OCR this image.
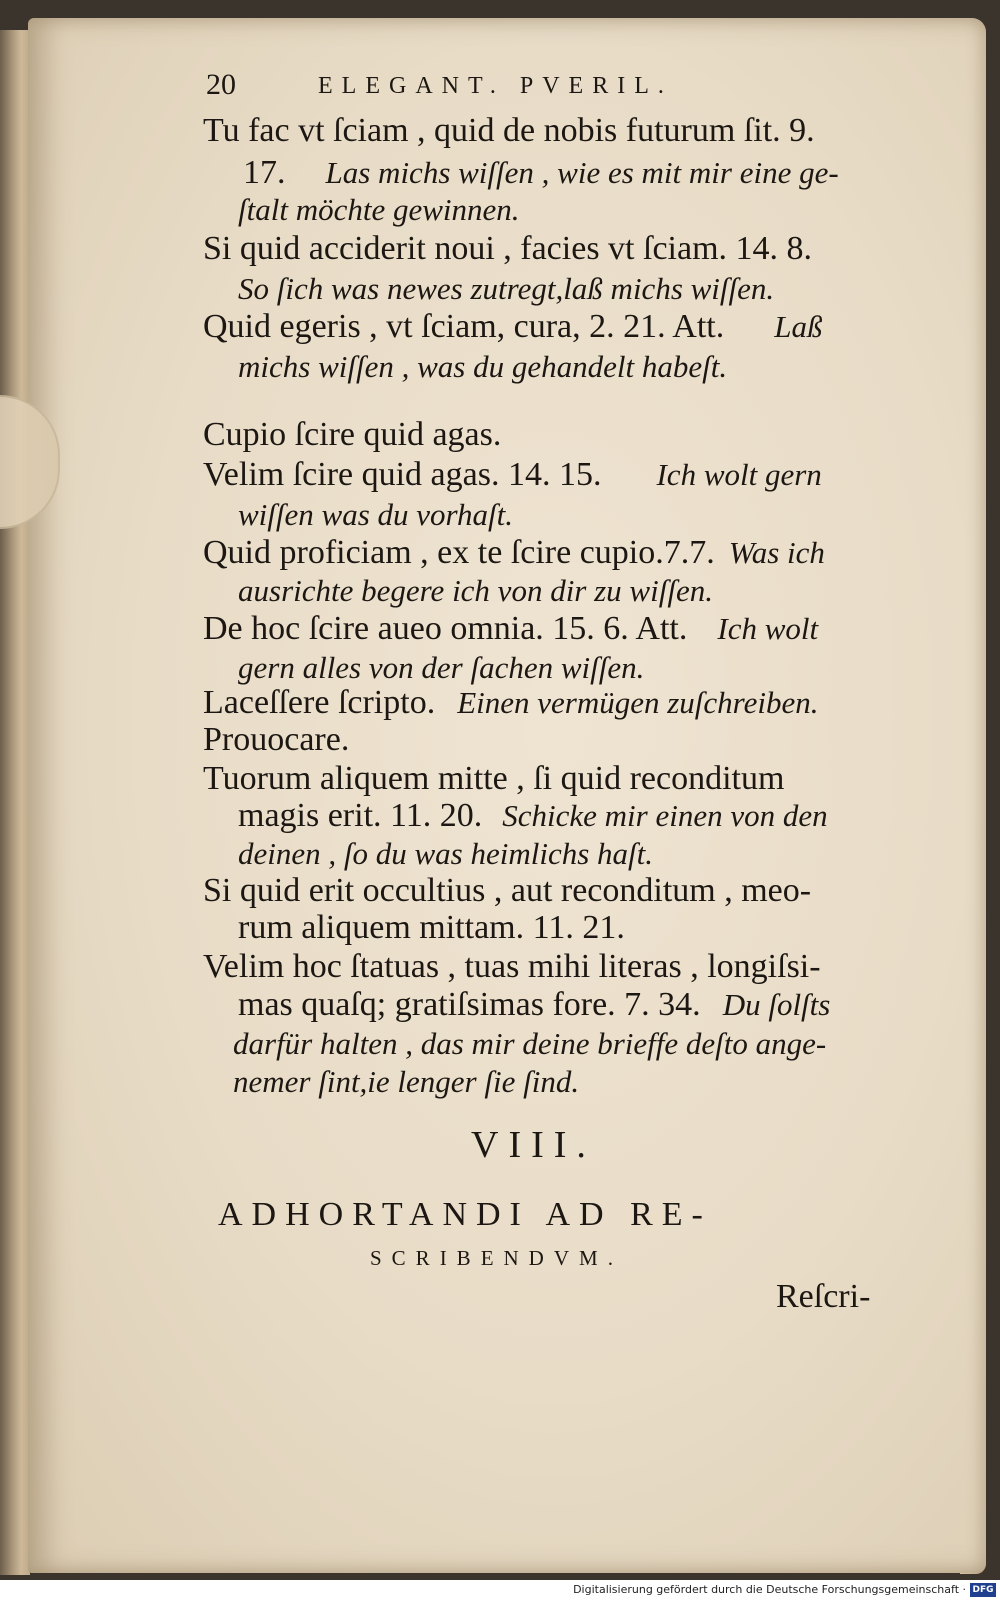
20	ELEGANT. PVERIL.
Tu fac vt ſciam , quid de nobis futurum ſit. 9.
17. Las michs wiſſen , wie es mit mir eine ge-
ſtalt möchte gewinnen.
Si quid acciderit noui , facies vt ſciam. 14. 8.
So ſich was newes zutregt,laß michs wiſſen.
Quid egeris , vt ſciam, cura, 2. 21. Att. Laß
michs wiſſen , was du gehandelt habeſt.
Cupio ſcire quid agas.
Velim ſcire quid agas. 14. 15. Ich wolt gern
wiſſen was du vorhaſt.
Quid proficiam , ex te ſcire cupio.7.7. Was ich
ausrichte begere ich von dir zu wiſſen.
De hoc ſcire aueo omnia. 15. 6. Att. Ich wolt
gern alles von der ſachen wiſſen.
Laceſſere ſcripto. Einen vermügen zuſchreiben.
Prouocare.
Tuorum aliquem mitte , ſi quid reconditum
magis erit. 11. 20. Schicke mir einen von den
deinen , ſo du was heimlichs haſt.
Si quid erit occultius , aut reconditum , meo-
rum aliquem mittam. 11. 21.
Velim hoc ſtatuas , tuas mihi literas , longiſsi-
mas quaſq; gratiſsimas fore. 7. 34. Du ſolſts
darfür halten , das mir deine brieffe deſto ange-
nemer ſint,ie lenger ſie ſind.
VIII.
ADHORTANDI AD RE-
SCRIBENDVM.
Reſcri-
Digitalisierung gefördert durch die Deutsche Forschungsgemeinschaft · DFG
